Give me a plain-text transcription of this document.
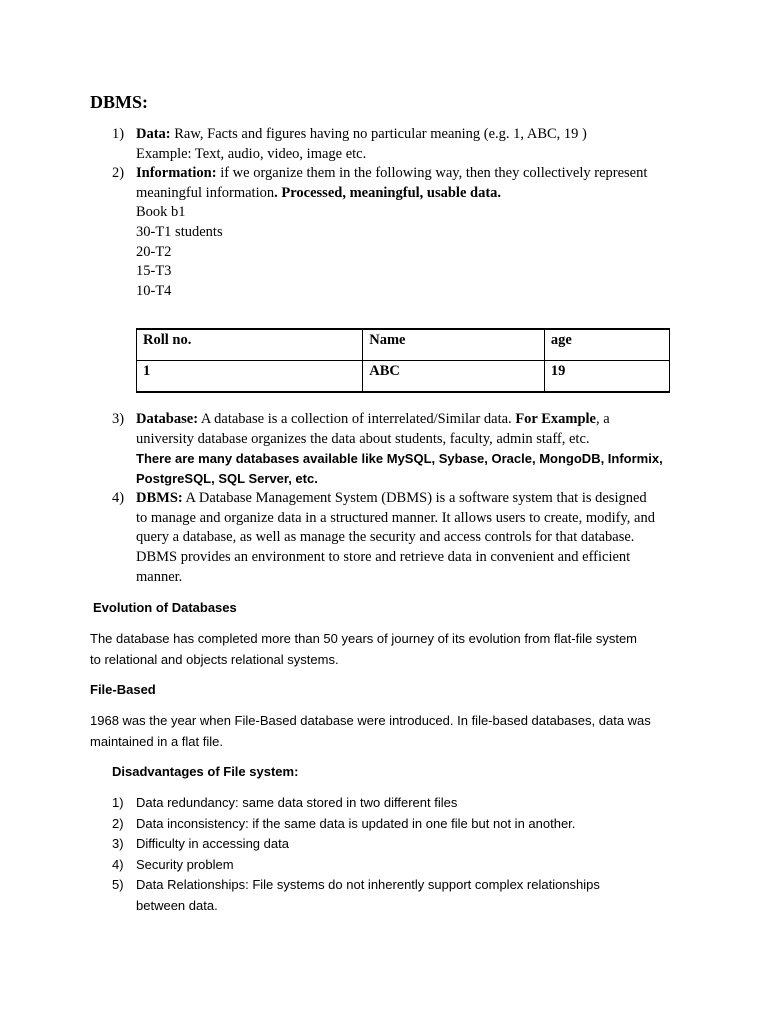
DBMS:
1) Data: Raw, Facts and figures having no particular meaning (e.g. 1, ABC, 19 )
Example: Text, audio, video, image etc.
2) Information: if we organize them in the following way, then they collectively represent
meaningful information. Processed, meaningful, usable data.
Book b1
30-T1 students
20-T2
15-T3
10-T4
Roll no.	Name	age
1	ABC	19
3) Database: A database is a collection of interrelated/Similar data. For Example, a
university database organizes the data about students, faculty, admin staff, etc.
There are many databases available like MySQL, Sybase, Oracle, MongoDB, Informix,
PostgreSQL, SQL Server, etc.
4) DBMS: A Database Management System (DBMS) is a software system that is designed
to manage and organize data in a structured manner. It allows users to create, modify, and
query a database, as well as manage the security and access controls for that database.
DBMS provides an environment to store and retrieve data in convenient and efficient
manner.
Evolution of Databases
The database has completed more than 50 years of journey of its evolution from flat-file system
to relational and objects relational systems.
File-Based
1968 was the year when File-Based database were introduced. In file-based databases, data was
maintained in a flat file.
Disadvantages of File system:
1) Data redundancy: same data stored in two different files
2) Data inconsistency: if the same data is updated in one file but not in another.
3) Difficulty in accessing data
4) Security problem
5) Data Relationships: File systems do not inherently support complex relationships
between data.
